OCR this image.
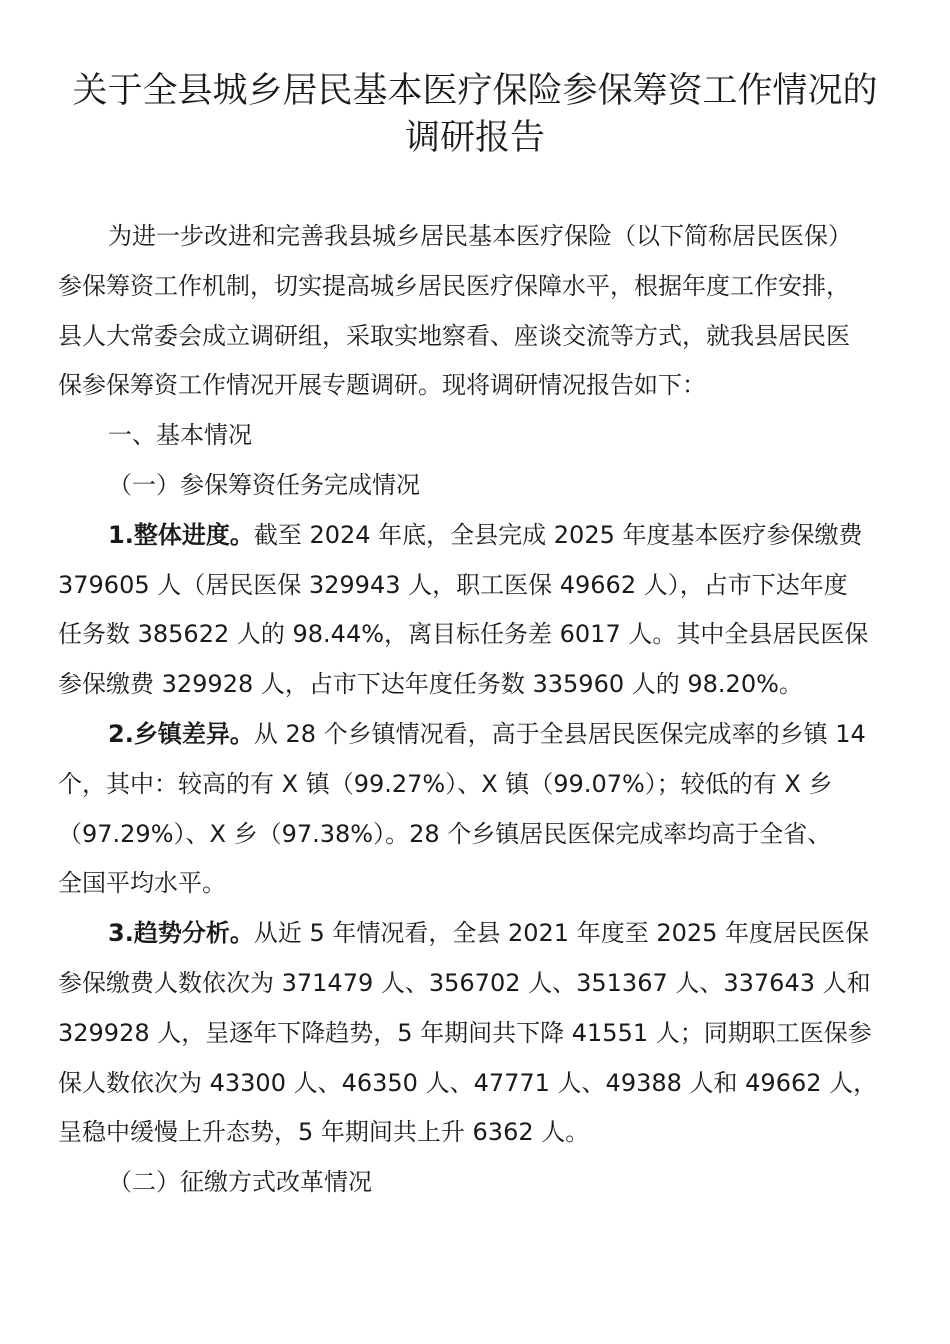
关于全县城乡居民基本医疗保险参保筹资工作情况的
调研报告

为进一步改进和完善我县城乡居民基本医疗保险（以下简称居民医保）
参保筹资工作机制，切实提高城乡居民医疗保障水平，根据年度工作安排，
县人大常委会成立调研组，采取实地察看、座谈交流等方式，就我县居民医
保参保筹资工作情况开展专题调研。现将调研情况报告如下：

一、基本情况

（一）参保筹资任务完成情况

1.整体进度。截至 2024 年底，全县完成 2025 年度基本医疗参保缴费
379605 人（居民医保 329943 人，职工医保 49662 人），占市下达年度
任务数 385622 人的 98.44%，离目标任务差 6017 人。其中全县居民医保
参保缴费 329928 人，占市下达年度任务数 335960 人的 98.20%。

2.乡镇差异。从 28 个乡镇情况看，高于全县居民医保完成率的乡镇 14
个，其中：较高的有 X 镇（99.27%）、X 镇（99.07%）；较低的有 X 乡
（97.29%）、X 乡（97.38%）。28 个乡镇居民医保完成率均高于全省、
全国平均水平。

3.趋势分析。从近 5 年情况看，全县 2021 年度至 2025 年度居民医保
参保缴费人数依次为 371479 人、356702 人、351367 人、337643 人和
329928 人，呈逐年下降趋势，5 年期间共下降 41551 人；同期职工医保参
保人数依次为 43300 人、46350 人、47771 人、49388 人和 49662 人，
呈稳中缓慢上升态势，5 年期间共上升 6362 人。

（二）征缴方式改革情况
